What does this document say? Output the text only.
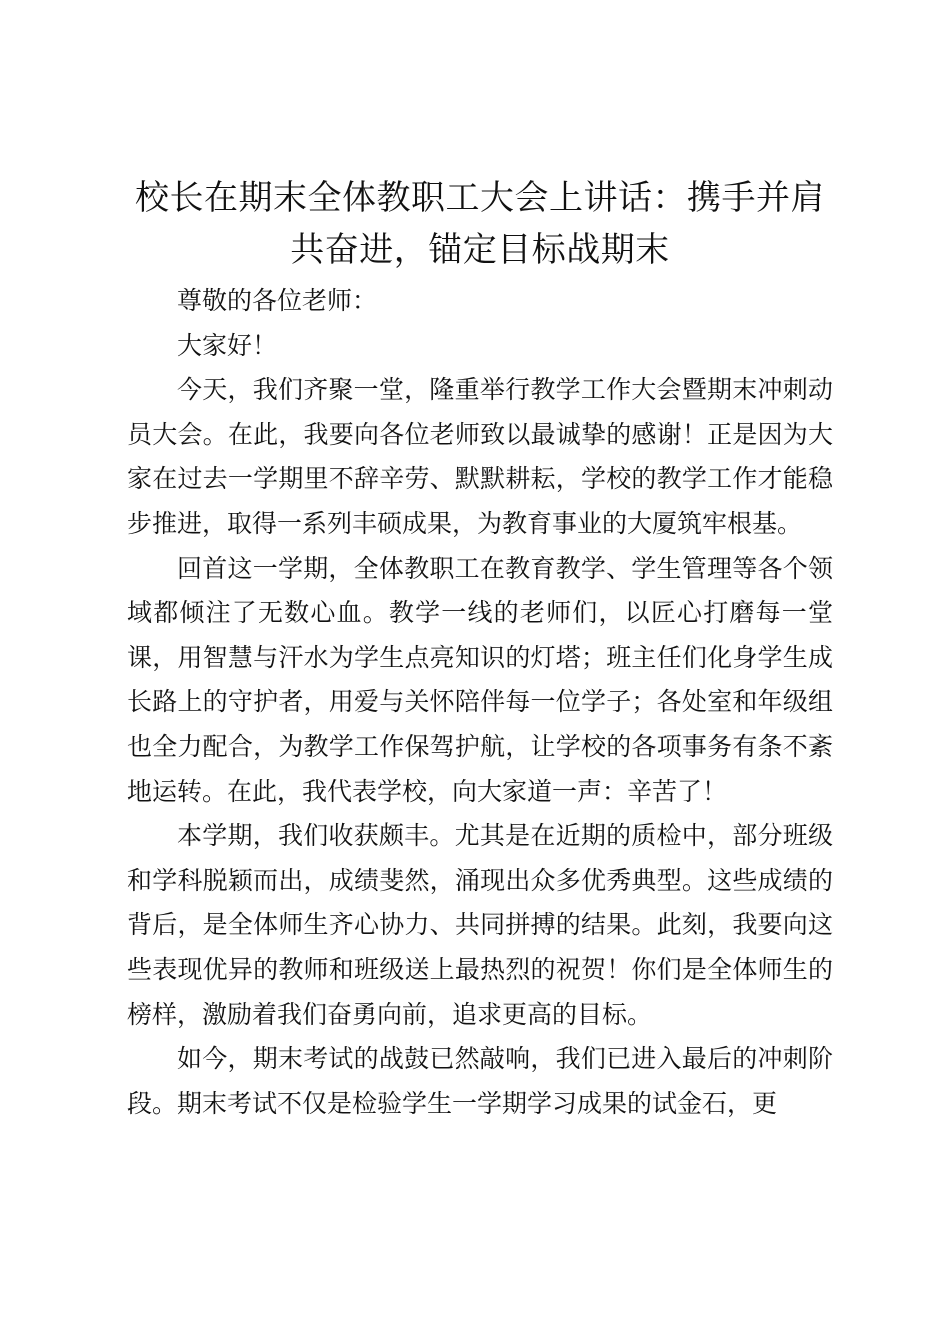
校长在期末全体教职工大会上讲话：携手并肩
共奋进，锚定目标战期末

尊敬的各位老师：

大家好！

今天，我们齐聚一堂，隆重举行教学工作大会暨期末冲刺动员大会。在此，我要向各位老师致以最诚挚的感谢！正是因为大家在过去一学期里不辞辛劳、默默耕耘，学校的教学工作才能稳步推进，取得一系列丰硕成果，为教育事业的大厦筑牢根基。

回首这一学期，全体教职工在教育教学、学生管理等各个领域都倾注了无数心血。教学一线的老师们，以匠心打磨每一堂课，用智慧与汗水为学生点亮知识的灯塔；班主任们化身学生成长路上的守护者，用爱与关怀陪伴每一位学子；各处室和年级组也全力配合，为教学工作保驾护航，让学校的各项事务有条不紊地运转。在此，我代表学校，向大家道一声：辛苦了！

本学期，我们收获颇丰。尤其是在近期的质检中，部分班级和学科脱颖而出，成绩斐然，涌现出众多优秀典型。这些成绩的背后，是全体师生齐心协力、共同拼搏的结果。此刻，我要向这些表现优异的教师和班级送上最热烈的祝贺！你们是全体师生的榜样，激励着我们奋勇向前，追求更高的目标。

如今，期末考试的战鼓已然敲响，我们已进入最后的冲刺阶段。期末考试不仅是检验学生一学期学习成果的试金石，更
